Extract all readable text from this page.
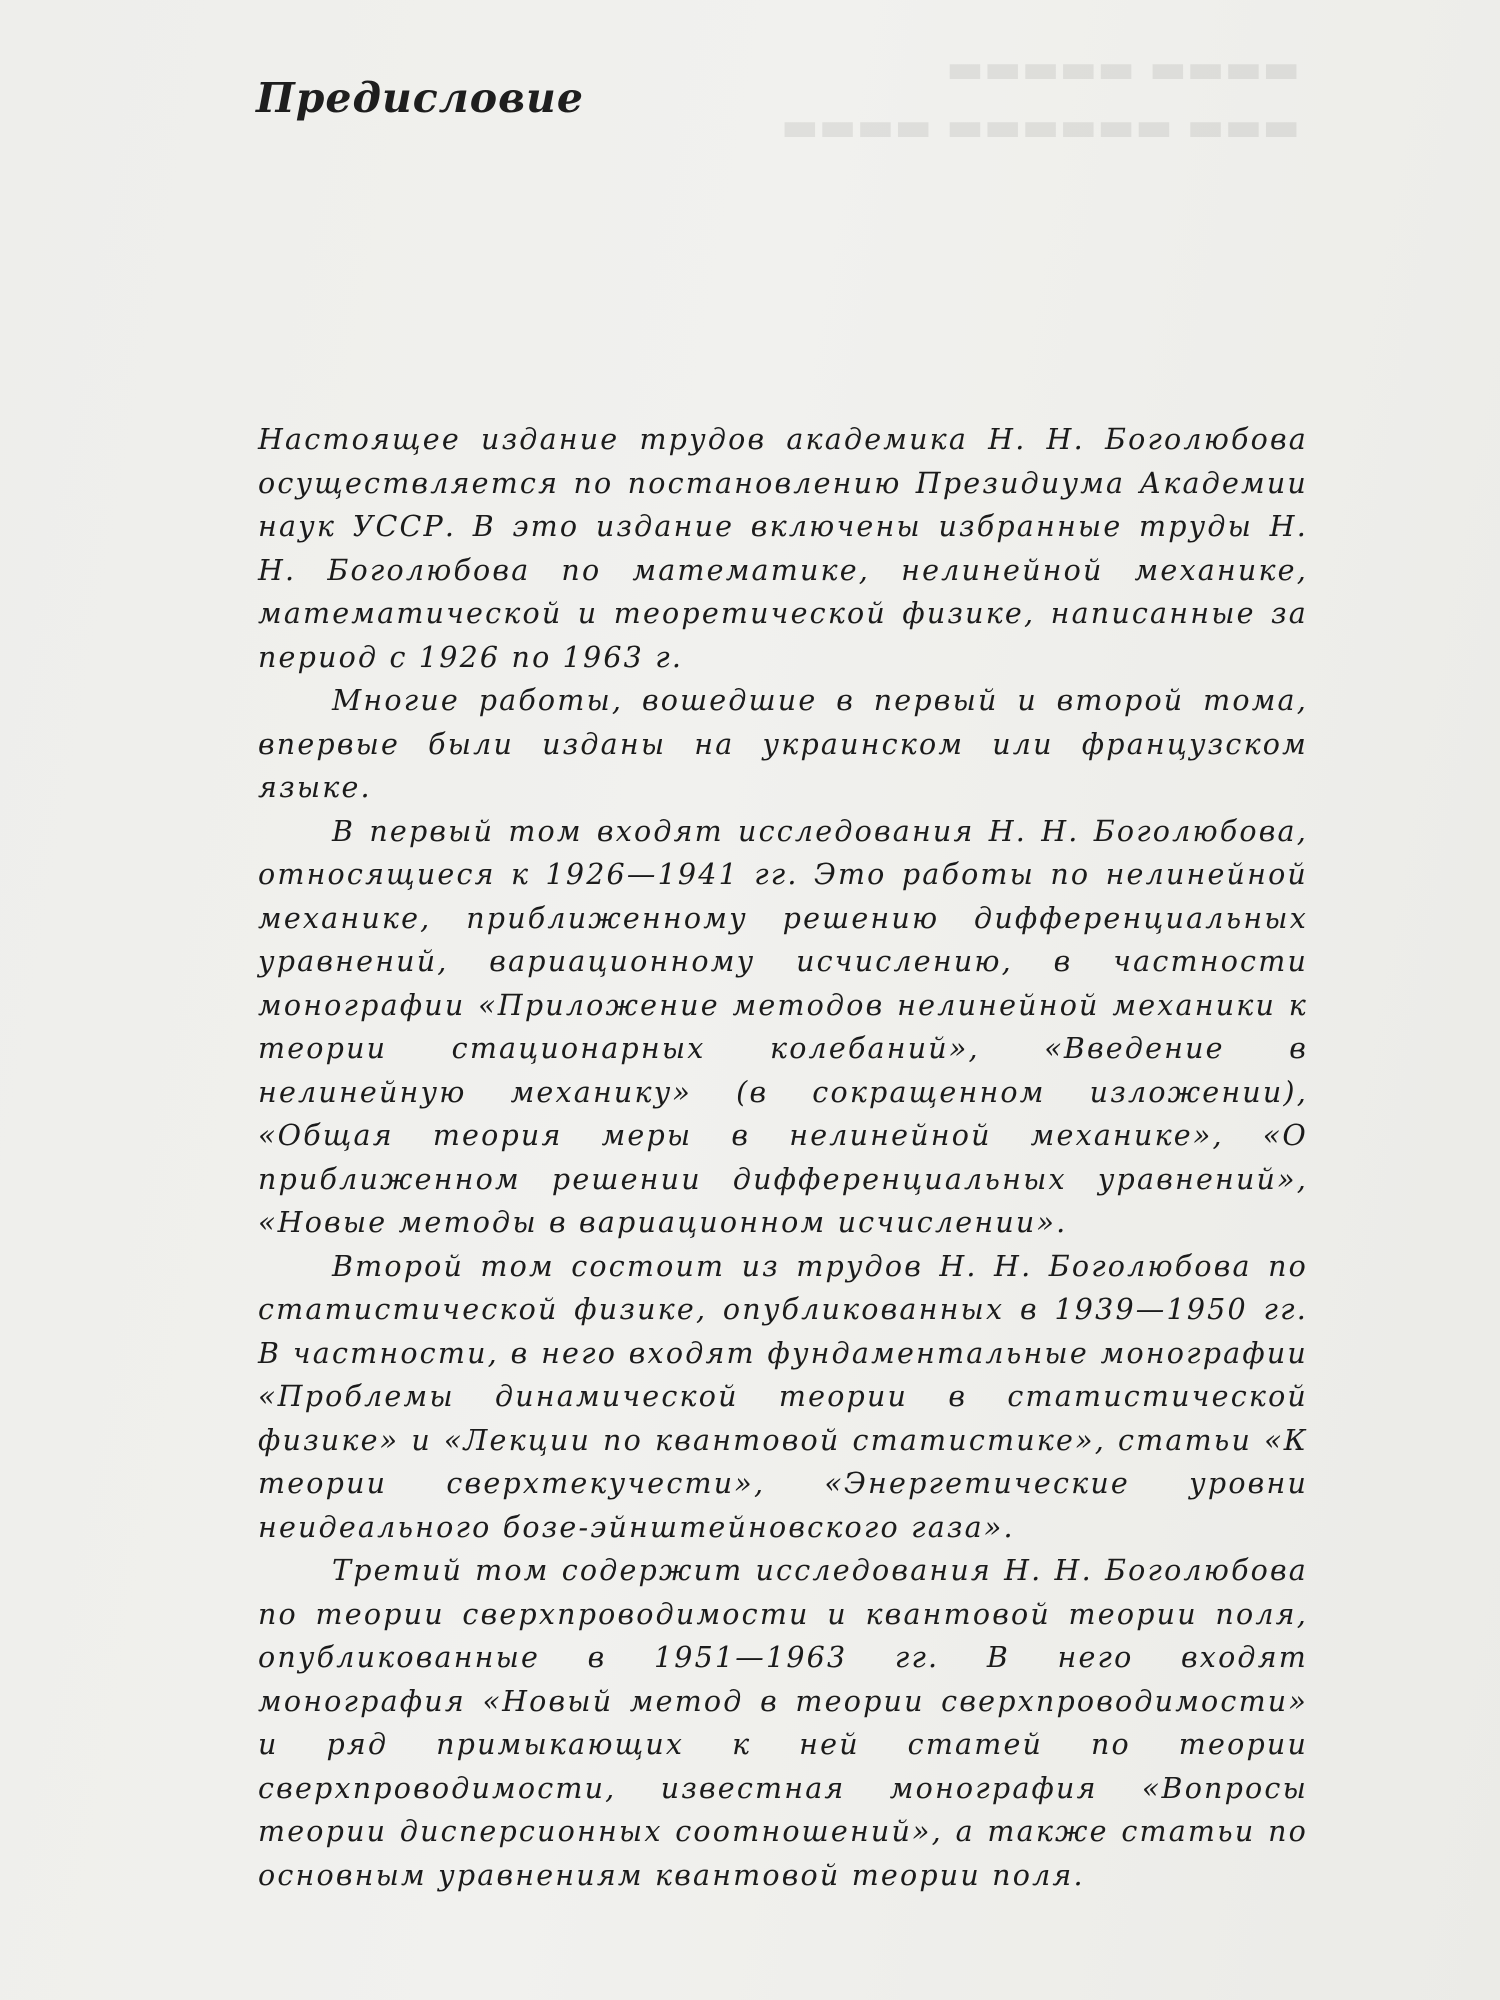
▬▬▬▬ ▬▬▬▬▬
▬▬▬ ▬▬▬▬▬▬ ▬▬▬▬
Предисловие

Настоящее издание трудов академика Н. Н. Боголюбова осуществляется по постановлению Президиума Академии наук УССР. В это издание включены избранные труды Н. Н. Боголюбова по математике, нелинейной механике, математической и теоретической физике, написанные за период с 1926 по 1963 г.

Многие работы, вошедшие в первый и второй тома, впервые были изданы на украинском или французском языке.

В первый том входят исследования Н. Н. Боголюбова, относящиеся к 1926—1941 гг. Это работы по нелинейной механике, приближенному решению дифференциальных уравнений, вариационному исчислению, в частности монографии «Приложение методов нелинейной механики к теории стационарных колебаний», «Введение в нелинейную механику» (в сокращенном изложении), «Общая теория меры в нелинейной механике», «О приближенном решении дифференциальных уравнений», «Новые методы в вариационном исчислении».

Второй том состоит из трудов Н. Н. Боголюбова по статистической физике, опубликованных в 1939—1950 гг. В частности, в него входят фундаментальные монографии «Проблемы динамической теории в статистической физике» и «Лекции по квантовой статистике», статьи «К теории сверхтекучести», «Энергетические уровни неидеального бозе-эйнштейновского газа».

Третий том содержит исследования Н. Н. Боголюбова по теории сверхпроводимости и квантовой теории поля, опубликованные в 1951—1963 гг. В него входят монография «Новый метод в теории сверхпроводимости» и ряд примыкающих к ней статей по теории сверхпроводимости, известная монография «Вопросы теории дисперсионных соотношений», а также статьи по основным уравнениям квантовой теории поля.
